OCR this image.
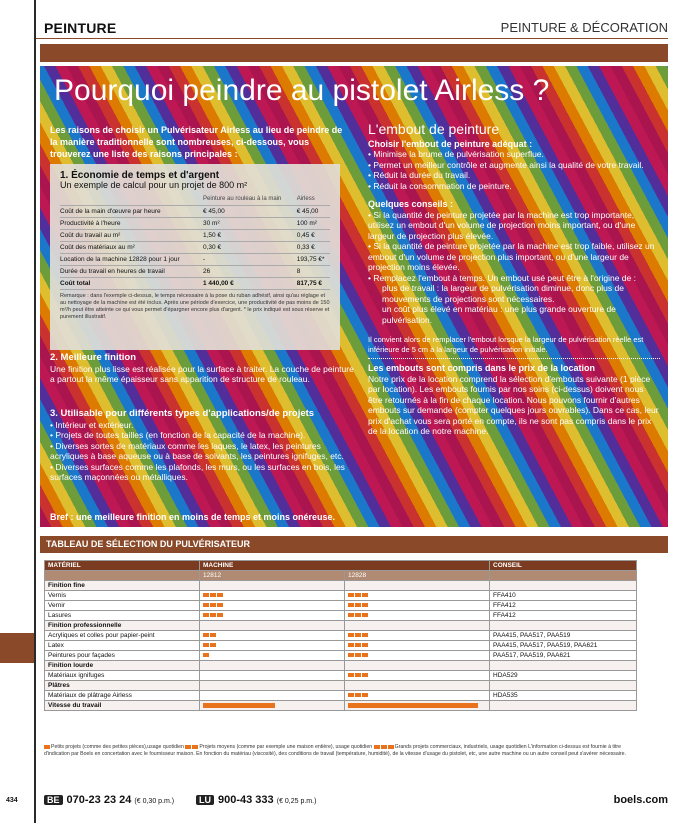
PEINTURE	PEINTURE & DÉCORATION
Pourquoi peindre au pistolet Airless ?

Les raisons de choisir un Pulvérisateur Airless au lieu de peindre de la manière traditionnelle sont nombreuses, ci-dessous, vous trouverez une liste des raisons principales :

1. Économie de temps et d'argent
Un exemple de calcul pour un projet de 800 m²
	Peinture au rouleau à la main	Airless
Coût de la main d'œuvre par heure	€ 45,00	€ 45,00
Productivité à l'heure	30 m²	100 m²
Coût du travail au m²	1,50 €	0,45 €
Coût des matériaux au m²	0,30 €	0,33 €
Location de la machine 12828 pour 1 jour	-	193,75 €*
Durée du travail en heures de travail	26	8
Coût total	1 440,00 €	817,75 €

Remarque : dans l'exemple ci-dessus, le temps nécessaire à la pose du ruban adhésif, ainsi qu'au réglage et au nettoyage de la machine est été inclus. Après une période d'exercice, une productivité de pas moins de 150 m²/h peut être atteinte ce qui vous permet d'épargner encore plus d'argent. * le prix indiqué est sous réserve et purement illustratif.

2. Meilleure finition

Une finition plus lisse est réalisée pour la surface à traiter. La couche de peinture a partout la même épaisseur sans apparition de structure de rouleau.

3. Utilisable pour différents types d'applications/de projets
• Intérieur et extérieur.
• Projets de toutes tailles (en fonction de la capacité de la machine).
• Diverses sortes de matériaux comme les laques, le latex, les peintures acryliques à base aqueuse ou à base de solvants, les peintures ignifuges, etc.
• Diverses surfaces comme les plafonds, les murs, ou les surfaces en bois, les surfaces maçonnées ou métalliques.
Bref : une meilleure finition en moins de temps et moins onéreuse.
L'embout de peinture
Choisir l'embout de peinture adéquat :
• Minimise la brume de pulvérisation superflue.
• Permet un meilleur contrôle et augmente ainsi la qualité de votre travail.
• Réduit la durée du travail.
• Réduit la consommation de peinture.
Quelques conseils :
• Si la quantité de peinture projetée par la machine est trop importante, utilisez un embout d'un volume de projection moins important, ou d'une largeur de projection plus élevée.
• Si la quantité de peinture projetée par la machine est trop faible, utilisez un embout d'un volume de projection plus important, ou d'une largeur de projection moins élevée.
• Remplacez l'embout à temps. Un embout usé peut être à l'origine de :

plus de travail : la largeur de pulvérisation diminue, donc plus de mouvements de projections sont nécessaires.

un coût plus élevé en matériau : une plus grande ouverture de pulvérisation.

Il convient alors de remplacer l'embout lorsque la largeur de pulvérisation réelle est inférieure de 5 cm à la largeur de pulvérisation initiale.

Les embouts sont compris dans le prix de la location

Notre prix de la location comprend la sélection d'embouts suivante (1 pièce par location). Les embouts fournis par nos soins (ci-dessus) doivent nous être retournés à la fin de chaque location. Nous pouvons fournir d'autres embouts sur demande (compter quelques jours ouvrables). Dans ce cas, leur prix d'achat vous sera porté en compte, ils ne sont pas compris dans le prix de la location de notre machine.

TABLEAU DE SÉLECTION DU PULVÉRISATEUR
MATÉRIEL	MACHINE		CONSEIL
	12812	12828	
Finition fine			
Vernis			FFA410
Vernir			FFA412
Lasures			FFA412
Finition professionnelle			
Acryliques et colles pour papier-peint			PAA415, PAA517, PAA519
Latex			PAA415, PAA517, PAA519, PAA621
Peintures pour façades			PAA517, PAA519, PAA621
Finition lourde			
Matériaux ignifuges			HDA529
Plâtres			
Matériaux de plâtrage Airless			HDA535
Vitesse du travail			
Petits projets (comme des petites pièces),usage quotidien	Projets moyens (comme par exemple une maison entière), usage quotidien	Grands projets commerciaux, industriels, usage quotidien L'information ci-dessus est fournie à titre d'indication par Boels en concertation avec le fournisseur maison. En fonction du matériau (viscosité), des conditions de travail (température, humidité), de la vitesse d'usage du pistolet, etc, une autre machine ou un autre conseil peut s'avérer nécessaire.
434	BE 070-23 23 24 (€ 0,30 p.m.)	LU 900-43 333 (€ 0,25 p.m.)	boels.com
